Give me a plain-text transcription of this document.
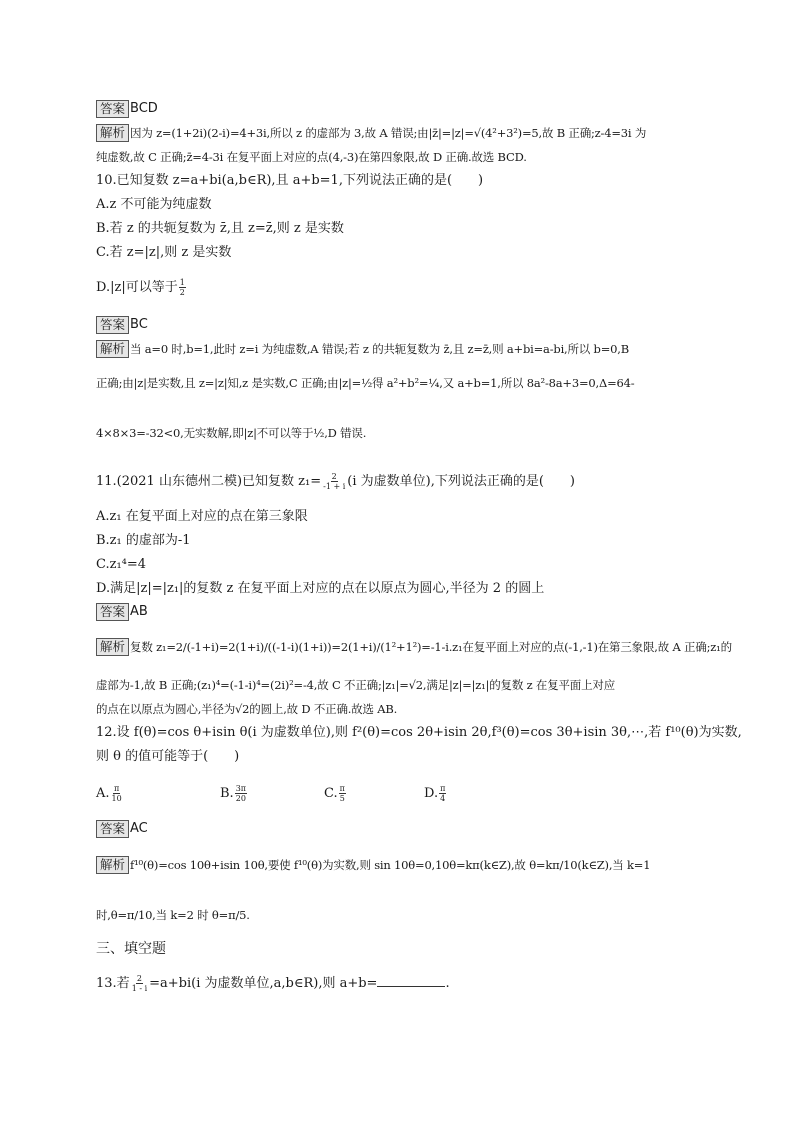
答案 BCD
解析 因为 z=(1+2i)(2-i)=4+3i,所以 z 的虚部为 3,故 A 错误;由|z̄|=|z|=√(4²+3²)=5,故 B 正确;z-4=3i 为
纯虚数,故 C 正确;z̄=4-3i 在复平面上对应的点(4,-3)在第四象限,故 D 正确.故选 BCD.
10.已知复数 z=a+bi(a,b∈R),且 a+b=1,下列说法正确的是(　　)
A.z 不可能为纯虚数
B.若 z 的共轭复数为 z̄,且 z=z̄,则 z 是实数
C.若 z=|z|,则 z 是实数
D.|z|可以等于 $\frac{1}{2}$
答案 BC
解析 当 a=0 时,b=1,此时 z=i 为纯虚数,A 错误;若 z 的共轭复数为 z̄,且 z=z̄,则 a+bi=a-bi,所以 b=0,B
正确;由|z|是实数,且 z=|z|知,z 是实数,C 正确;由|z|=½得 a²+b²=¼,又 a+b=1,所以 8a²-8a+3=0,Δ=64-
4×8×3=-32<0,无实数解,即|z|不可以等于½,D 错误.
11.(2021 山东德州二模)已知复数 $z_1= \frac{2}{-1 + i} (i$ 为虚数单位),下列说法正确的是(　　)
A.z₁ 在复平面上对应的点在第三象限
B.z₁ 的虚部为-1
C.z₁⁴=4
D.满足|z|=|z₁|的复数 z 在复平面上对应的点在以原点为圆心,半径为 2 的圆上
答案 AB
解析 复数 z₁=2/(-1+i)=2(1+i)/((-1-i)(1+i))=2(1+i)/(1²+1²)=-1-i.z₁在复平面上对应的点(-1,-1)在第三象限,故 A 正确;z₁的
虚部为-1,故 B 正确;(z₁)⁴=(-1-i)⁴=(2i)²=-4,故 C 不正确;|z₁|=√2,满足|z|=|z₁|的复数 z 在复平面上对应
的点在以原点为圆心,半径为√2的圆上,故 D 不正确.故选 AB.
12.设 f(θ)=cos θ+isin θ(i 为虚数单位),则 f²(θ)=cos 2θ+isin 2θ,f³(θ)=cos 3θ+isin 3θ,⋯,若 f¹⁰(θ)为实数,
则 θ 的值可能等于(　　)
A. $\frac{\pi}{10}$	B. $\frac{3\pi}{20}$	C. $\frac{\pi}{5}$	D. $\frac{\pi}{4}$
答案 AC
解析 f¹⁰(θ)=cos 10θ+isin 10θ,要使 f¹⁰(θ)为实数,则 sin 10θ=0,10θ=kπ(k∈Z),故 θ=kπ/10(k∈Z),当 k=1
时,θ=π/10,当 k=2 时 θ=π/5.
三、填空题
13.若 $\frac{2}{1 - i} =a+bi(i$ 为虚数单位,a,b∈R),则 a+b=	.
